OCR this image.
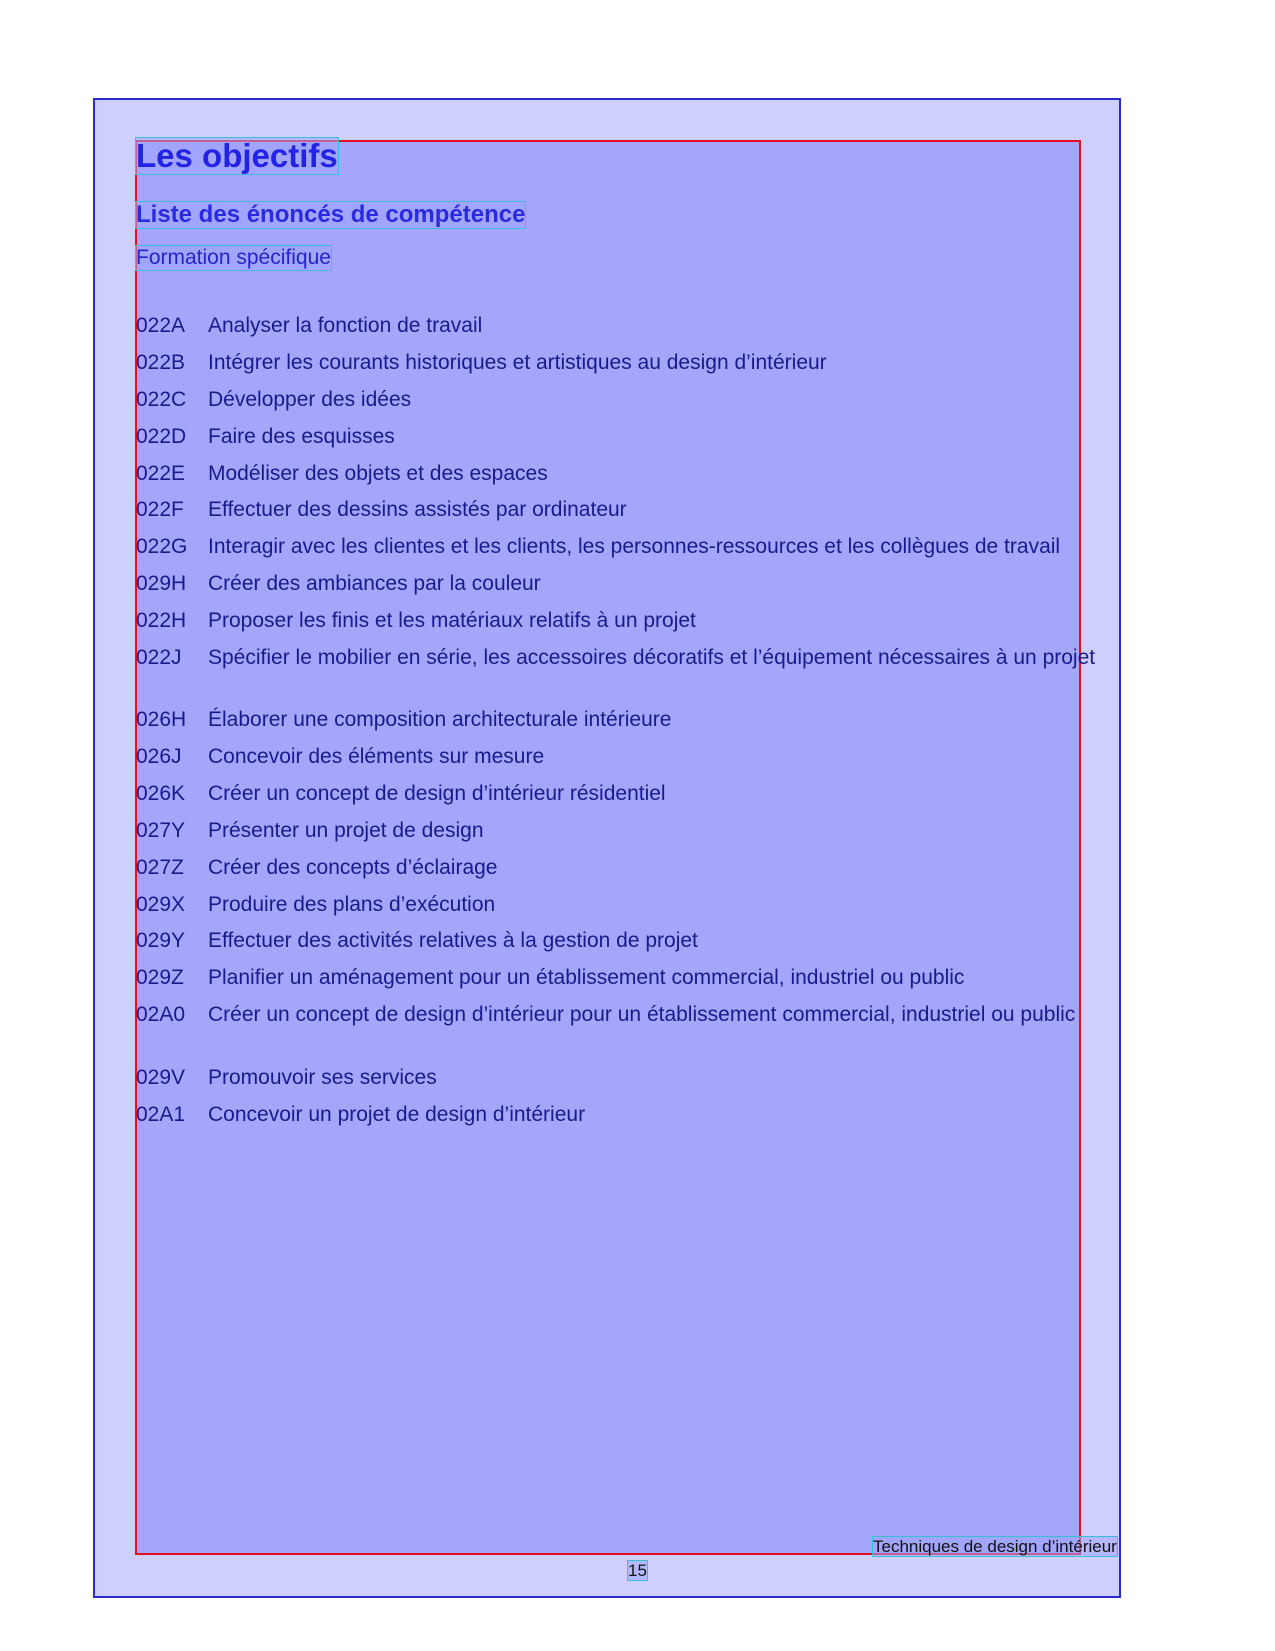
Les objectifs
Liste des énoncés de compétence
Formation spécifique
022A	Analyser la fonction de travail
022B	Intégrer les courants historiques et artistiques au design d’intérieur
022C	Développer des idées
022D	Faire des esquisses
022E	Modéliser des objets et des espaces
022F	Effectuer des dessins assistés par ordinateur
022G Interagir avec les clientes et les clients, les personnes-ressources et les collègues de travail
029H	Créer des ambiances par la couleur
022H	Proposer les finis et les matériaux relatifs à un projet
022J	Spécifier le mobilier en série, les accessoires décoratifs et l’équipement nécessaires à un projet
026H	Élaborer une composition architecturale intérieure
026J	Concevoir des éléments sur mesure
026K	Créer un concept de design d’intérieur résidentiel
027Y	Présenter un projet de design
027Z	Créer des concepts d’éclairage
029X	Produire des plans d’exécution
029Y	Effectuer des activités relatives à la gestion de projet
029Z	Planifier un aménagement pour un établissement commercial, industriel ou public
02A0	Créer un concept de design d’intérieur pour un établissement commercial, industriel ou public
029V	Promouvoir ses services
02A1	Concevoir un projet de design d’intérieur
Techniques de design d’intérieur
15
